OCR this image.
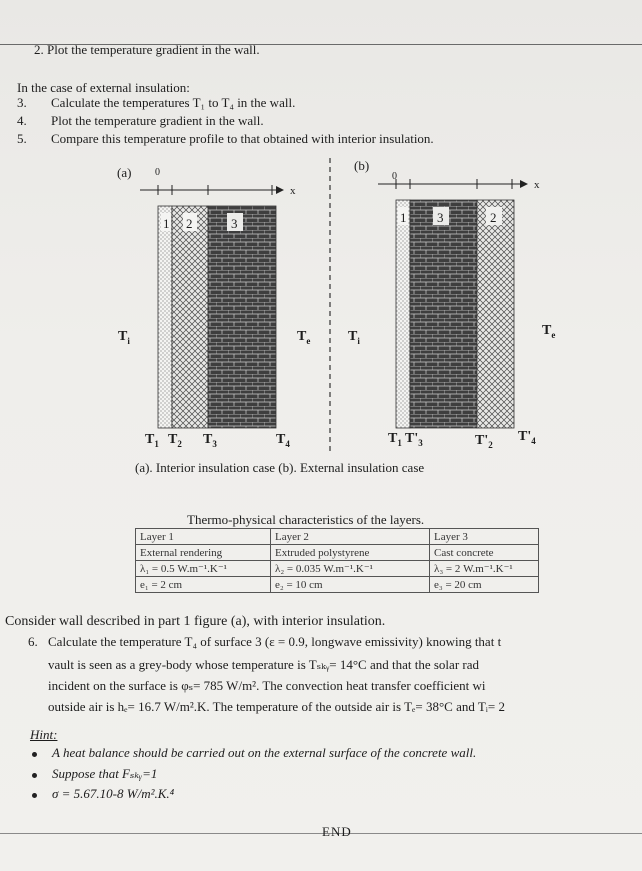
2. Plot the temperature gradient in the wall.
In the case of external insulation:
3. Calculate the temperatures T₁ to T₄ in the wall.
4. Plot the temperature gradient in the wall.
5. Compare this temperature profile to that obtained with interior insulation.
(a) 0
x
1 2	3
$T_i$	$T_e$
$T_1$ $T_2$ $T_3$	$T_4$
(b)
0
x
1 3	2
$T_i$
$T_e$
$T_1$ $T'_3$	$T'_2$
$T'_4$
(a). Interior insulation case (b). External insulation case
Thermo-physical characteristics of the layers.
Layer 1	Layer 2	Layer 3
External rendering	Extruded polystyrene	Cast concrete
λ₁ = 0.5 W.m⁻¹.K⁻¹	λ₂ = 0.035 W.m⁻¹.K⁻¹	λ₃ = 2 W.m⁻¹.K⁻¹
e₁ = 2 cm	e₂ = 10 cm	e₃ = 20 cm
Consider wall described in part 1 figure (a), with interior insulation.
6. Calculate the temperature T₄ of surface 3 (ε = 0.9, longwave emissivity) knowing that t
vault is seen as a grey-body whose temperature is Tₛₖᵧ= 14°C and that the solar rad
incident on the surface is φₛ= 785 W/m². The convection heat transfer coefficient wi
outside air is hₑ= 16.7 W/m².K. The temperature of the outside air is Tₑ= 38°C and Tᵢ= 2
Hint:
A heat balance should be carried out on the external surface of the concrete wall.
Suppose that Fₛₖᵧ=1
σ = 5.67.10-8 W/m².K.⁴
END
